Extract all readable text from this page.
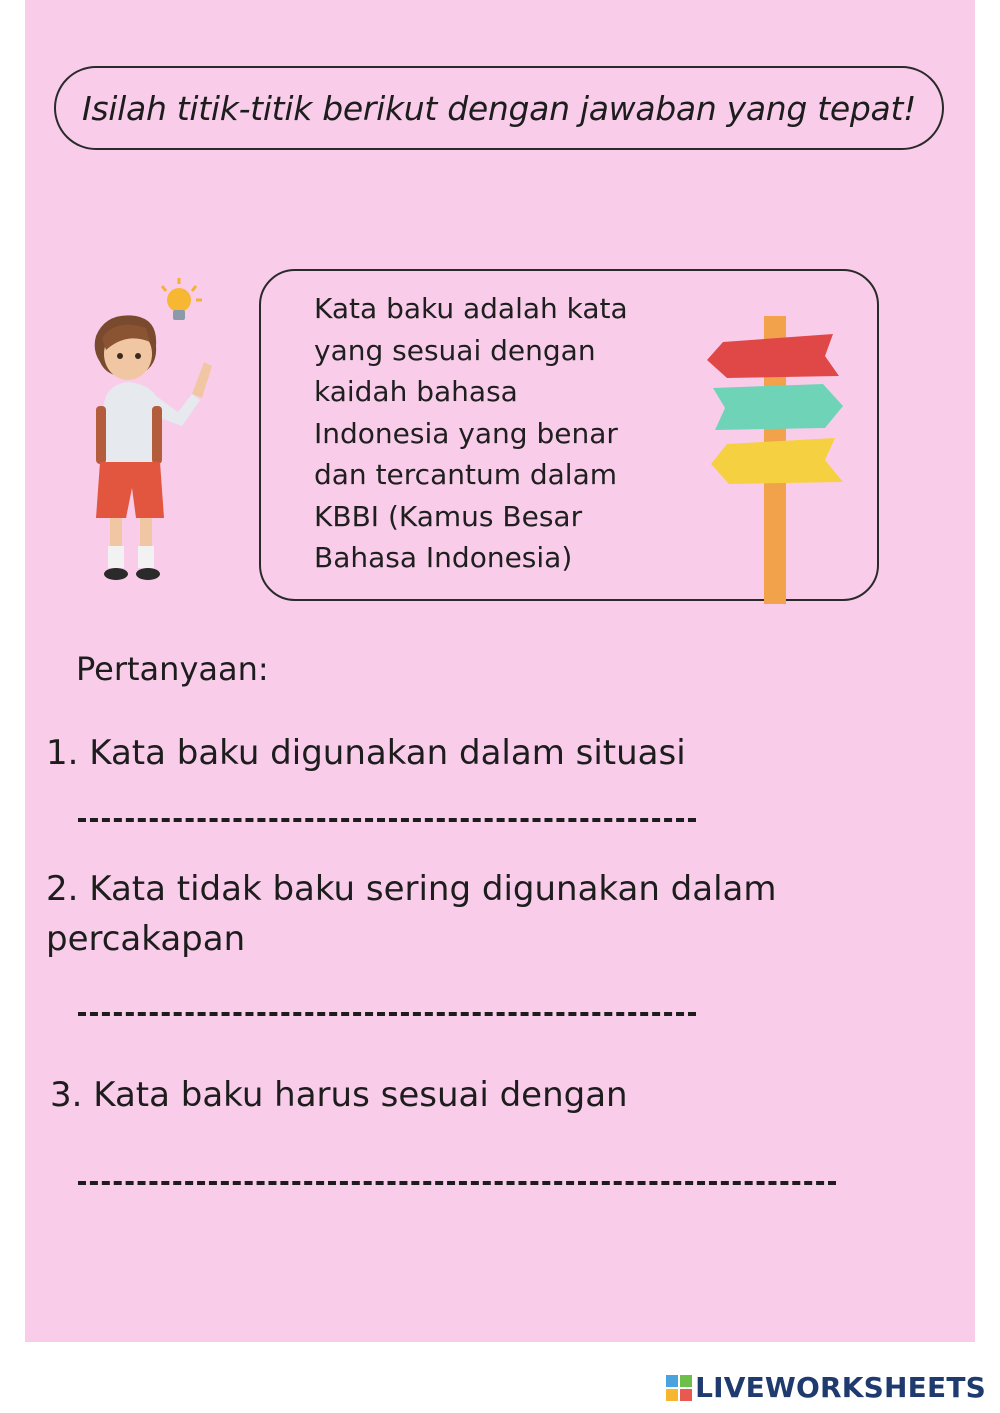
Isilah titik-titik berikut dengan jawaban yang tepat!
Kata baku adalah kata
yang sesuai dengan
kaidah bahasa
Indonesia yang benar
dan tercantum dalam
KBBI (Kamus Besar
Bahasa Indonesia)
Pertanyaan:
1. Kata baku digunakan dalam situasi
2. Kata tidak baku sering digunakan dalam percakapan
3. Kata baku harus sesuai dengan
LIVEWORKSHEETS
